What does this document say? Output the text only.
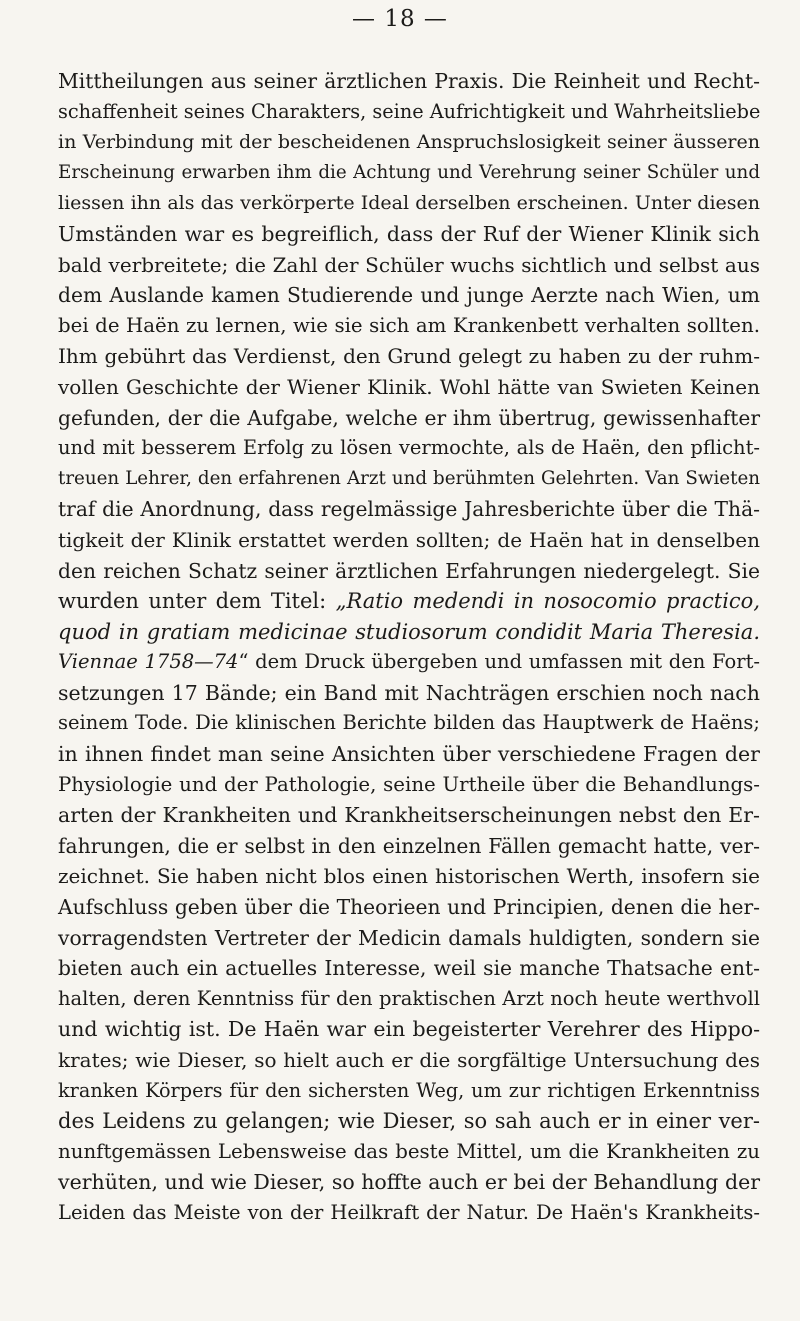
— 18 —
Mittheilungen aus seiner ärztlichen Praxis. Die Reinheit und Recht-
schaffenheit seines Charakters, seine Aufrichtigkeit und Wahrheitsliebe
in Verbindung mit der bescheidenen Anspruchslosigkeit seiner äusseren
Erscheinung erwarben ihm die Achtung und Verehrung seiner Schüler und
liessen ihn als das verkörperte Ideal derselben erscheinen. Unter diesen
Umständen war es begreiflich, dass der Ruf der Wiener Klinik sich
bald verbreitete; die Zahl der Schüler wuchs sichtlich und selbst aus
dem Auslande kamen Studierende und junge Aerzte nach Wien, um
bei de Haën zu lernen, wie sie sich am Krankenbett verhalten sollten.
Ihm gebührt das Verdienst, den Grund gelegt zu haben zu der ruhm-
vollen Geschichte der Wiener Klinik. Wohl hätte van Swieten Keinen
gefunden, der die Aufgabe, welche er ihm übertrug, gewissenhafter
und mit besserem Erfolg zu lösen vermochte, als de Haën, den pflicht-
treuen Lehrer, den erfahrenen Arzt und berühmten Gelehrten. Van Swieten
traf die Anordnung, dass regelmässige Jahresberichte über die Thä-
tigkeit der Klinik erstattet werden sollten; de Haën hat in denselben
den reichen Schatz seiner ärztlichen Erfahrungen niedergelegt. Sie
wurden unter dem Titel: „Ratio medendi in nosocomio practico,
quod in gratiam medicinae studiosorum condidit Maria Theresia.
Viennae 1758—74“ dem Druck übergeben und umfassen mit den Fort-
setzungen 17 Bände; ein Band mit Nachträgen erschien noch nach
seinem Tode. Die klinischen Berichte bilden das Hauptwerk de Haëns;
in ihnen findet man seine Ansichten über verschiedene Fragen der
Physiologie und der Pathologie, seine Urtheile über die Behandlungs-
arten der Krankheiten und Krankheitserscheinungen nebst den Er-
fahrungen, die er selbst in den einzelnen Fällen gemacht hatte, ver-
zeichnet. Sie haben nicht blos einen historischen Werth, insofern sie
Aufschluss geben über die Theorieen und Principien, denen die her-
vorragendsten Vertreter der Medicin damals huldigten, sondern sie
bieten auch ein actuelles Interesse, weil sie manche Thatsache ent-
halten, deren Kenntniss für den praktischen Arzt noch heute werthvoll
und wichtig ist. De Haën war ein begeisterter Verehrer des Hippo-
krates; wie Dieser, so hielt auch er die sorgfältige Untersuchung des
kranken Körpers für den sichersten Weg, um zur richtigen Erkenntniss
des Leidens zu gelangen; wie Dieser, so sah auch er in einer ver-
nunftgemässen Lebensweise das beste Mittel, um die Krankheiten zu
verhüten, und wie Dieser, so hoffte auch er bei der Behandlung der
Leiden das Meiste von der Heilkraft der Natur. De Haën's Krankheits-
